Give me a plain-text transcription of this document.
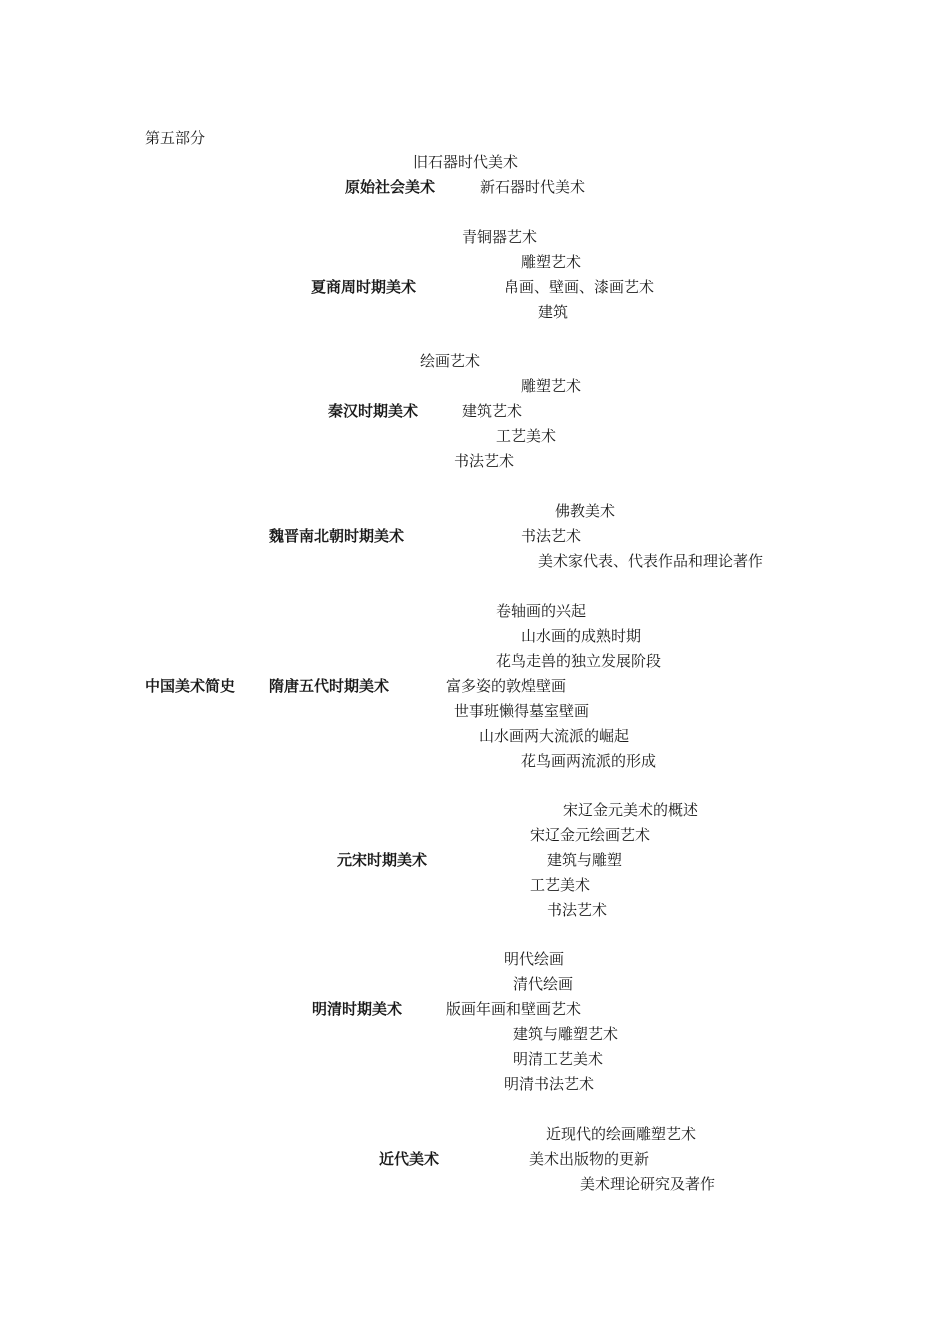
第五部分
中国美术简史
原始社会美术
旧石器时代美术
新石器时代美术
夏商周时期美术
青铜器艺术
雕塑艺术
帛画、壁画、漆画艺术
建筑
秦汉时期美术
绘画艺术
雕塑艺术
建筑艺术
工艺美术
书法艺术
魏晋南北朝时期美术
佛教美术
书法艺术
美术家代表、代表作品和理论著作
隋唐五代时期美术
卷轴画的兴起
山水画的成熟时期
花鸟走兽的独立发展阶段
富多姿的敦煌壁画
世事班懒得墓室壁画
山水画两大流派的崛起
花鸟画两流派的形成
元宋时期美术
宋辽金元美术的概述
宋辽金元绘画艺术
建筑与雕塑
工艺美术
书法艺术
明清时期美术
明代绘画
清代绘画
版画年画和壁画艺术
建筑与雕塑艺术
明清工艺美术
明清书法艺术
近代美术
近现代的绘画雕塑艺术
美术出版物的更新
美术理论研究及著作
